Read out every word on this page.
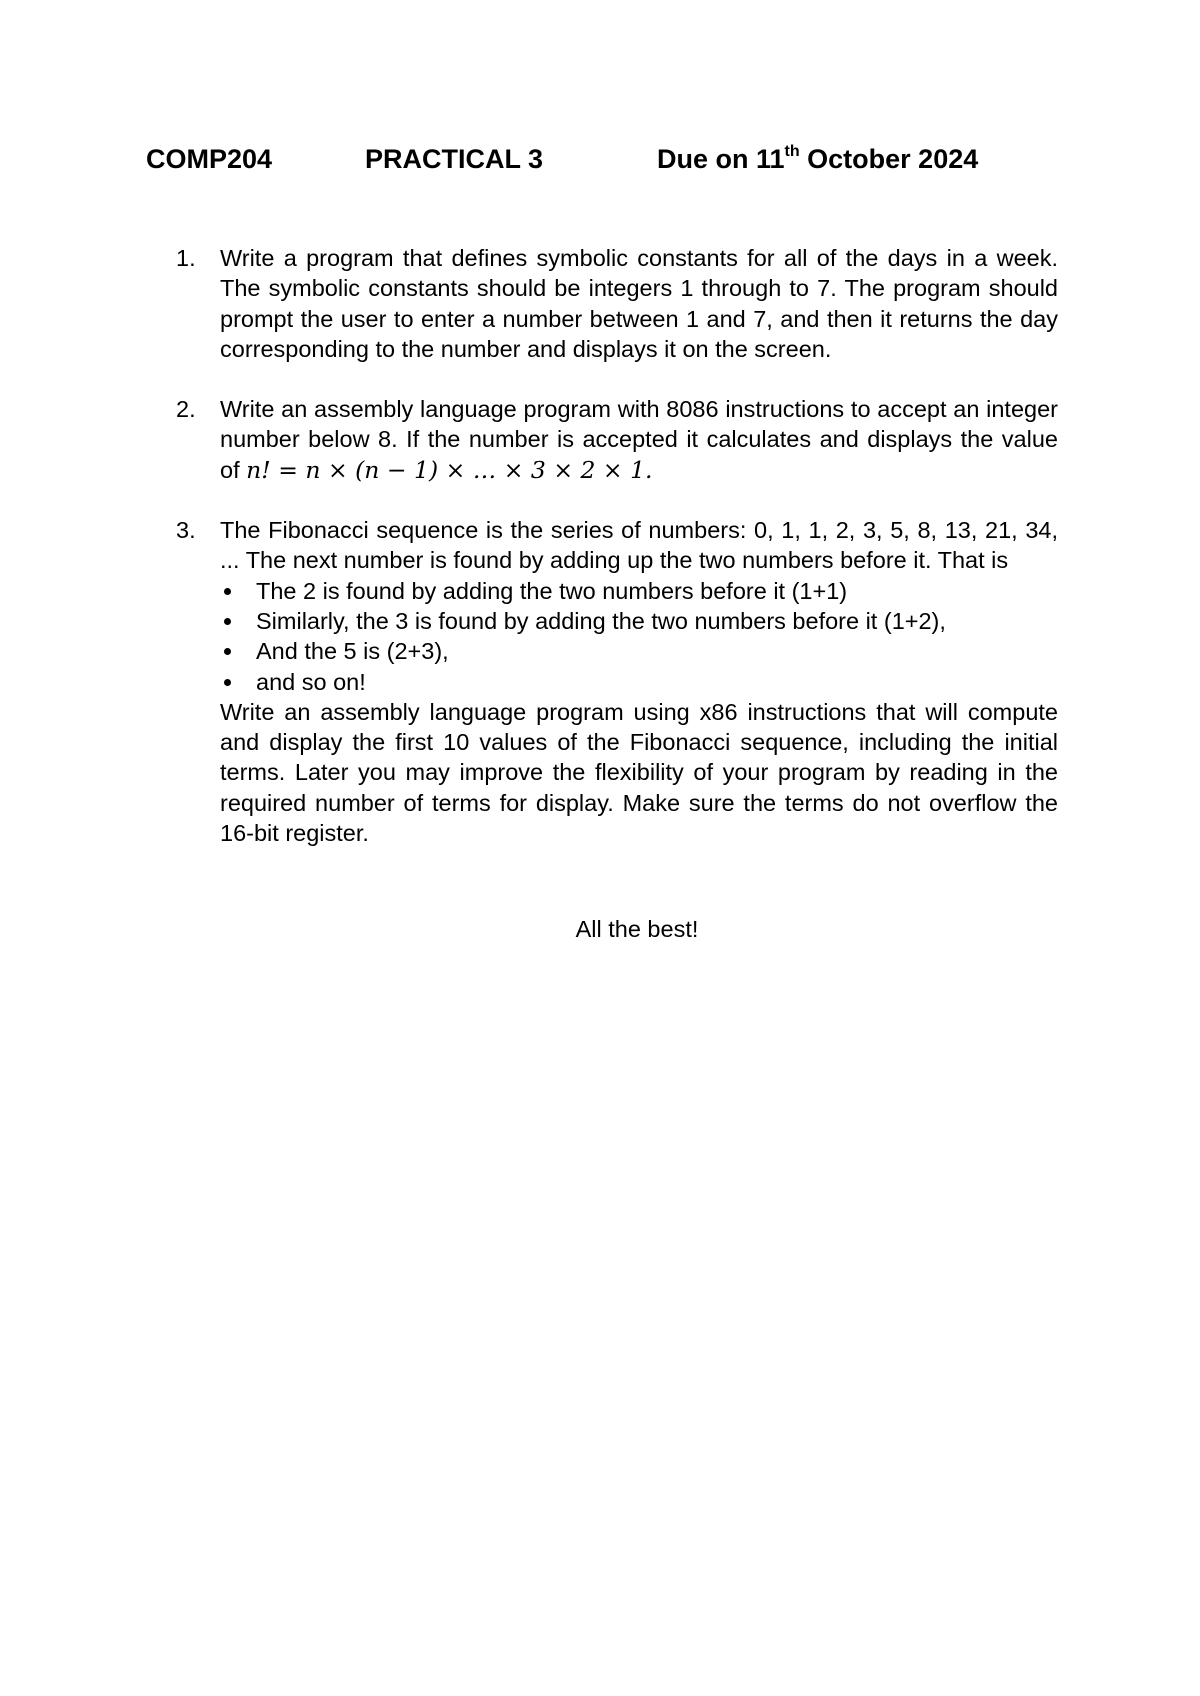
COMP204	PRACTICAL 3	Due on 11th October 2024
1. Write a program that defines symbolic constants for all of the days in a week. The symbolic constants should be integers 1 through to 7. The program should prompt the user to enter a number between 1 and 7, and then it returns the day corresponding to the number and displays it on the screen.
2. Write an assembly language program with 8086 instructions to accept an integer number below 8. If the number is accepted it calculates and displays the value of n! = n × (n − 1) × … × 3 × 2 × 1.
3. The Fibonacci sequence is the series of numbers: 0, 1, 1, 2, 3, 5, 8, 13, 21, 34, ... The next number is found by adding up the two numbers before it. That is
The 2 is found by adding the two numbers before it (1+1)
Similarly, the 3 is found by adding the two numbers before it (1+2),
And the 5 is (2+3),
and so on!
Write an assembly language program using x86 instructions that will compute and display the first 10 values of the Fibonacci sequence, including the initial terms. Later you may improve the flexibility of your program by reading in the required number of terms for display. Make sure the terms do not overflow the 16-bit register.
All the best!
